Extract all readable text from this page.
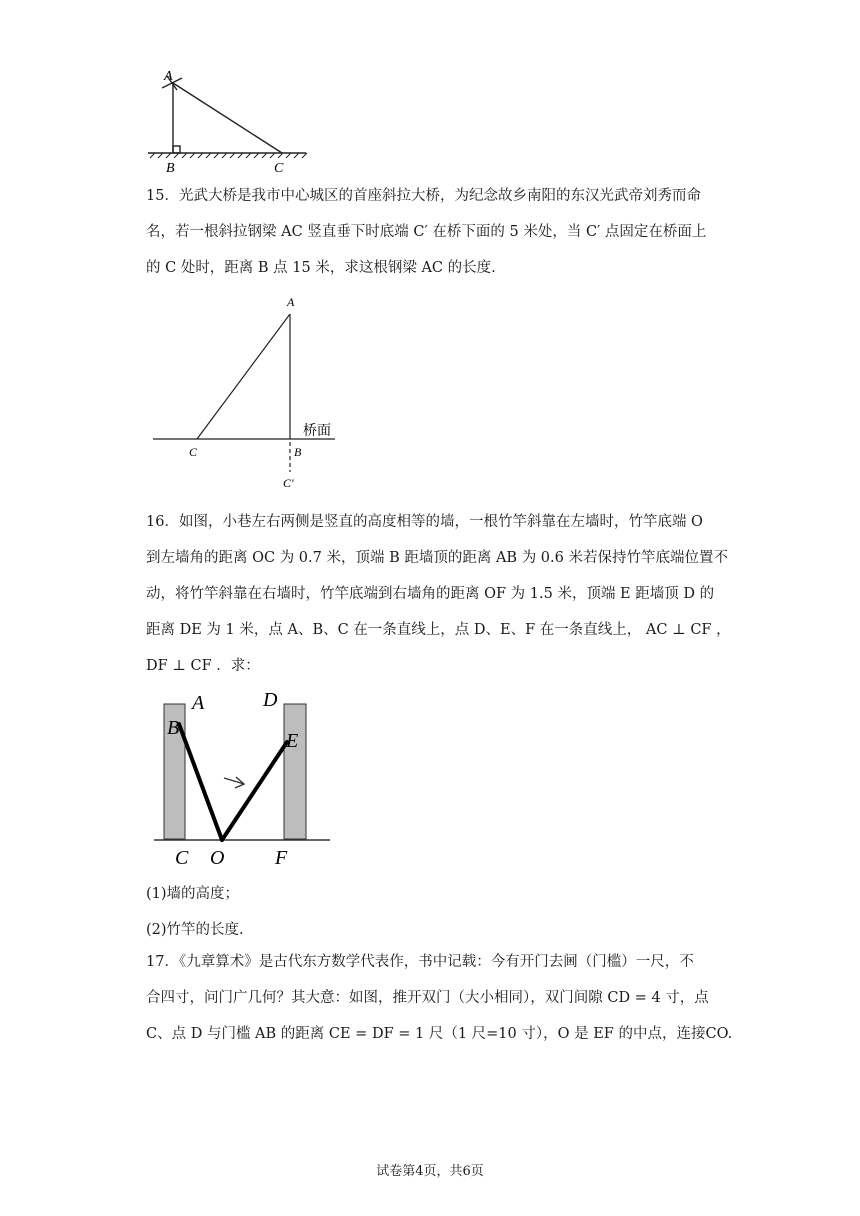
A
B	C
15．光武大桥是我市中心城区的首座斜拉大桥，为纪念故乡南阳的东汉光武帝刘秀而命
名，若一根斜拉钢梁 AC 竖直垂下时底端 C′ 在桥下面的 5 米处，当 C′ 点固定在桥面上
的 C 处时，距离 B 点 15 米，求这根钢梁 AC 的长度.
A
C	B
C′
桥面
16．如图，小巷左右两侧是竖直的高度相等的墙，一根竹竿斜靠在左墙时，竹竿底端 O
到左墙角的距离 OC 为 0.7 米，顶端 B 距墙顶的距离 AB 为 0.6 米若保持竹竿底端位置不
动，将竹竿斜靠在右墙时，竹竿底端到右墙角的距离 OF 为 1.5 米，顶端 E 距墙顶 D 的
距离 DE 为 1 米，点 A、B、C 在一条直线上，点 D、E、F 在一条直线上， AC ⊥ CF ，
DF ⊥ CF ．求：
A
B
D
E
C O	F
(1)墙的高度；
(2)竹竿的长度.
17．《九章算术》是古代东方数学代表作，书中记载：今有开门去阃（门槛）一尺，不
合四寸，问门广几何？其大意：如图，推开双门（大小相同），双门间隙 CD = 4 寸，点
C、点 D 与门槛 AB 的距离 CE = DF = 1 尺（1 尺=10 寸），O 是 EF 的中点，连接CO.
试卷第4页，共6页
